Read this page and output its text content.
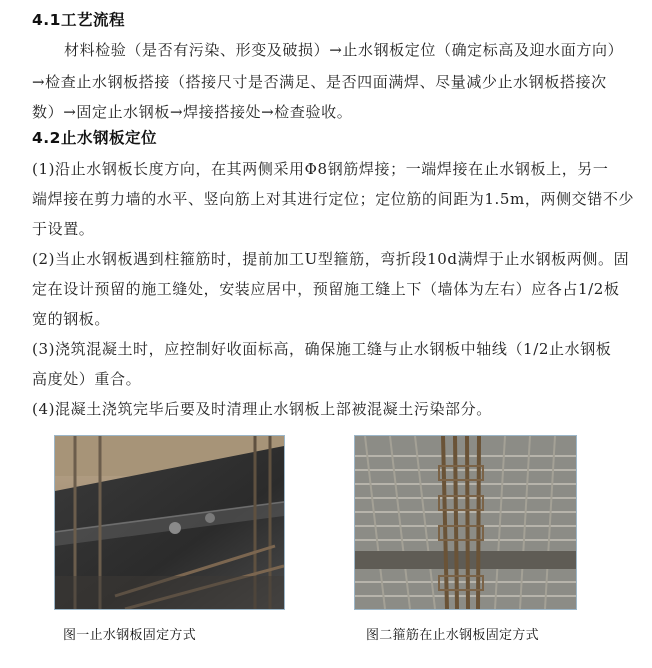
4.1工艺流程

材料检验（是否有污染、形变及破损）→止水钢板定位（确定标高及迎水面方向）

→检查止水钢板搭接（搭接尺寸是否满足、是否四面满焊、尽量减少止水钢板搭接次

数）→固定止水钢板→焊接搭接处→检查验收。

4.2止水钢板定位

(1)沿止水钢板长度方向，在其两侧采用Φ8钢筋焊接；一端焊接在止水钢板上，另一

端焊接在剪力墙的水平、竖向筋上对其进行定位；定位筋的间距为1.5m，两侧交错不少

于设置。

(2)当止水钢板遇到柱箍筋时，提前加工U型箍筋，弯折段10d满焊于止水钢板两侧。固

定在设计预留的施工缝处，安装应居中，预留施工缝上下（墙体为左右）应各占1/2板

宽的钢板。

(3)浇筑混凝土时，应控制好收面标高，确保施工缝与止水钢板中轴线（1/2止水钢板

高度处）重合。

(4)混凝土浇筑完毕后要及时清理止水钢板上部被混凝土污染部分。

图一止水钢板固定方式	图二箍筋在止水钢板固定方式
